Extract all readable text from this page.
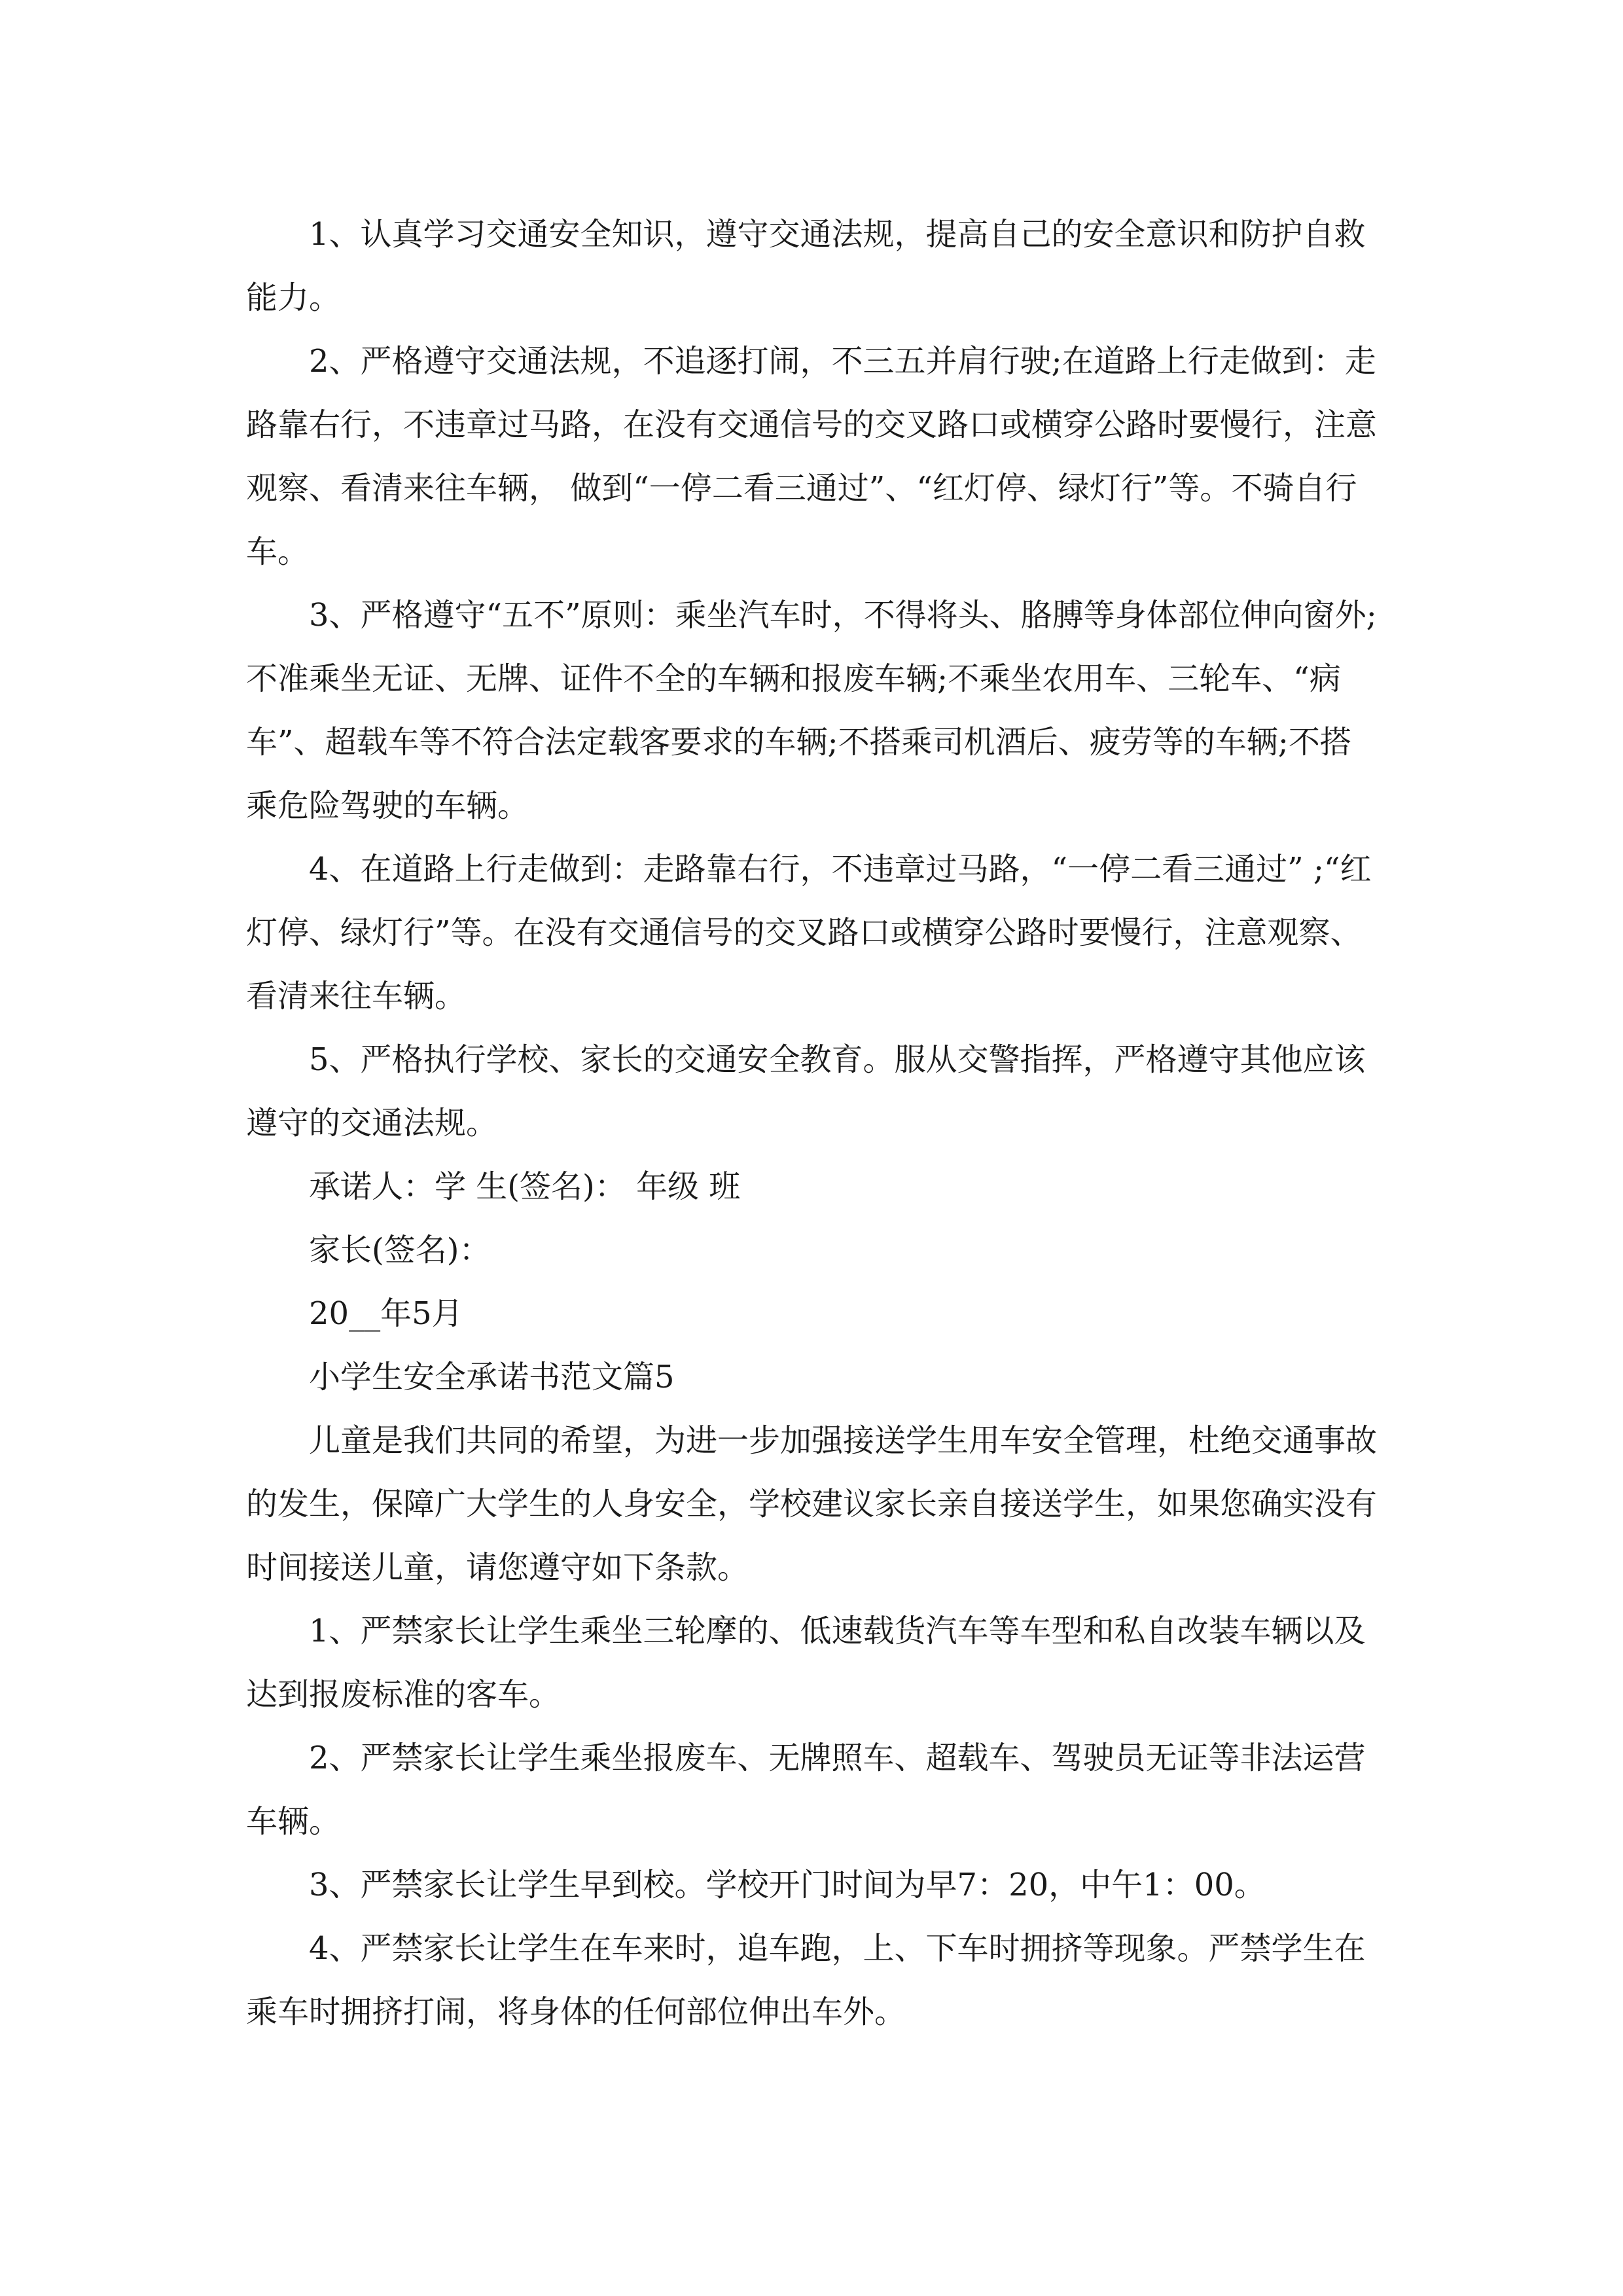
1、认真学习交通安全知识，遵守交通法规，提高自己的安全意识和防护自救能力。

2、严格遵守交通法规，不追逐打闹，不三五并肩行驶;在道路上行走做到：走路靠右行，不违章过马路，在没有交通信号的交叉路口或横穿公路时要慢行，注意观察、看清来往车辆， 做到“一停二看三通过”、“红灯停、绿灯行”等。不骑自行车。

3、严格遵守“五不”原则：乘坐汽车时，不得将头、胳膊等身体部位伸向窗外;不准乘坐无证、无牌、证件不全的车辆和报废车辆;不乘坐农用车、三轮车、“病车”、超载车等不符合法定载客要求的车辆;不搭乘司机酒后、疲劳等的车辆;不搭乘危险驾驶的车辆。

4、在道路上行走做到：走路靠右行，不违章过马路，“一停二看三通过” ;“红灯停、绿灯行”等。在没有交通信号的交叉路口或横穿公路时要慢行，注意观察、看清来往车辆。

5、严格执行学校、家长的交通安全教育。服从交警指挥，严格遵守其他应该遵守的交通法规。

承诺人：学 生(签名)： 年级 班

家长(签名)：

20__年5月

小学生安全承诺书范文篇5

儿童是我们共同的希望，为进一步加强接送学生用车安全管理，杜绝交通事故的发生，保障广大学生的人身安全，学校建议家长亲自接送学生，如果您确实没有时间接送儿童，请您遵守如下条款。

1、严禁家长让学生乘坐三轮摩的、低速载货汽车等车型和私自改装车辆以及达到报废标准的客车。

2、严禁家长让学生乘坐报废车、无牌照车、超载车、驾驶员无证等非法运营车辆。

3、严禁家长让学生早到校。学校开门时间为早7：20，中午1：00。

4、严禁家长让学生在车来时，追车跑，上、下车时拥挤等现象。严禁学生在乘车时拥挤打闹，将身体的任何部位伸出车外。
